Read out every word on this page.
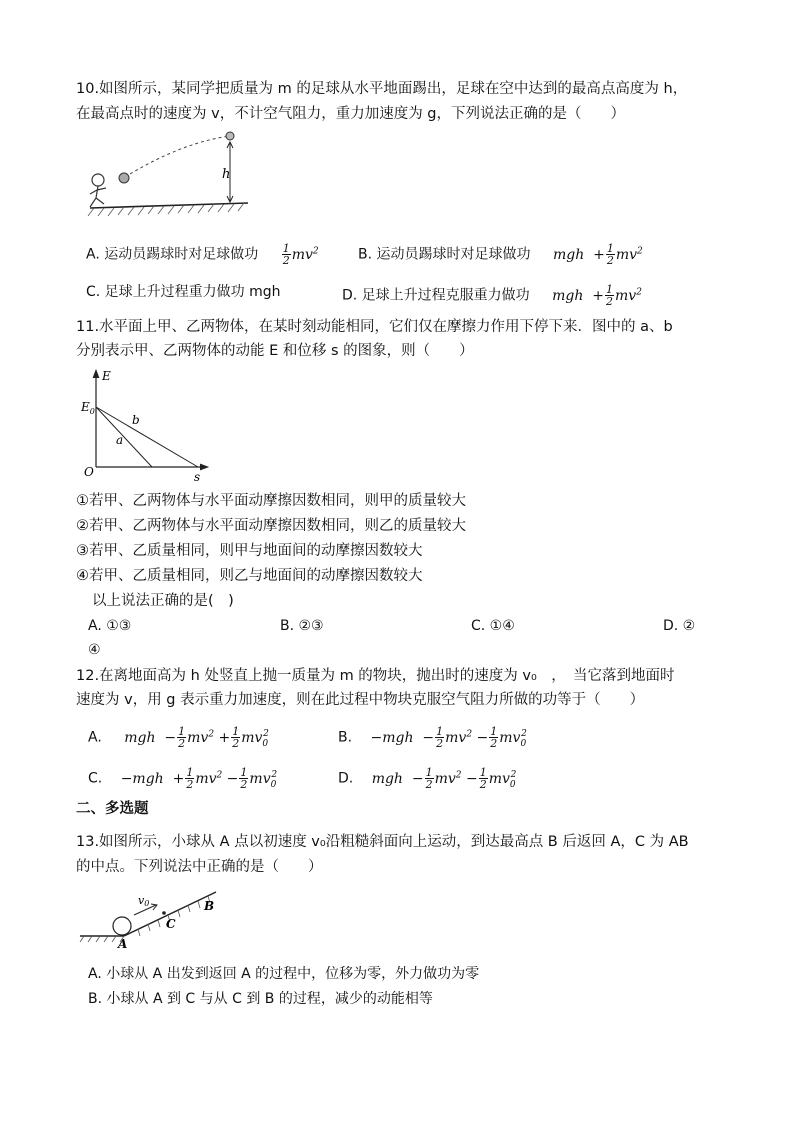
10.如图所示，某同学把质量为 m 的足球从水平地面踢出，足球在空中达到的最高点高度为 h，
在最高点时的速度为 v，不计空气阻力，重力加速度为 g，下列说法正确的是（　　）
h
A. 运动员踢球时对足球做功 $\frac{1}{2} mv^2$	B. 运动员踢球时对足球做功 mgh  + $\frac{1}{2} mv^2$
C. 足球上升过程重力做功 mgh	D. 足球上升过程克服重力做功 mgh  + $\frac{1}{2} mv^2$
11.水平面上甲、乙两物体，在某时刻动能相同，它们仅在摩擦力作用下停下来．图中的 a、b
分别表示甲、乙两物体的动能 E 和位移 s 的图象，则（　　）
E
s
O
$E_0$
b
a
①若甲、乙两物体与水平面动摩擦因数相同，则甲的质量较大
②若甲、乙两物体与水平面动摩擦因数相同，则乙的质量较大
③若甲、乙质量相同，则甲与地面间的动摩擦因数较大
④若甲、乙质量相同，则乙与地面间的动摩擦因数较大
以上说法正确的是(　)
A. ①③	B. ②③	C. ①④	D. ②
④
12.在离地面高为 h 处竖直上抛一质量为 m 的物块，抛出时的速度为 v₀　，　当它落到地面时
速度为 v，用 g 表示重力加速度，则在此过程中物块克服空气阻力所做的功等于（　　）
A. mgh  − $\frac{1}{2} mv^2 + \frac{1}{2} mv_0^2$	B. $-mgh - \frac{1}{2} mv^2 - \frac{1}{2} mv_0^2$
C. $-mgh + \frac{1}{2} mv^2 - \frac{1}{2} mv_0^2$	D. mgh  − $\frac{1}{2} mv^2 - \frac{1}{2} mv_0^2$
二、多选题
13.如图所示，小球从 A 点以初速度 v₀沿粗糙斜面向上运动，到达最高点 B 后返回 A，C 为 AB
的中点。下列说法中正确的是（　　）
v0
C
A
B
A. 小球从 A 出发到返回 A 的过程中，位移为零，外力做功为零
B. 小球从 A 到 C 与从 C 到 B 的过程，减少的动能相等
